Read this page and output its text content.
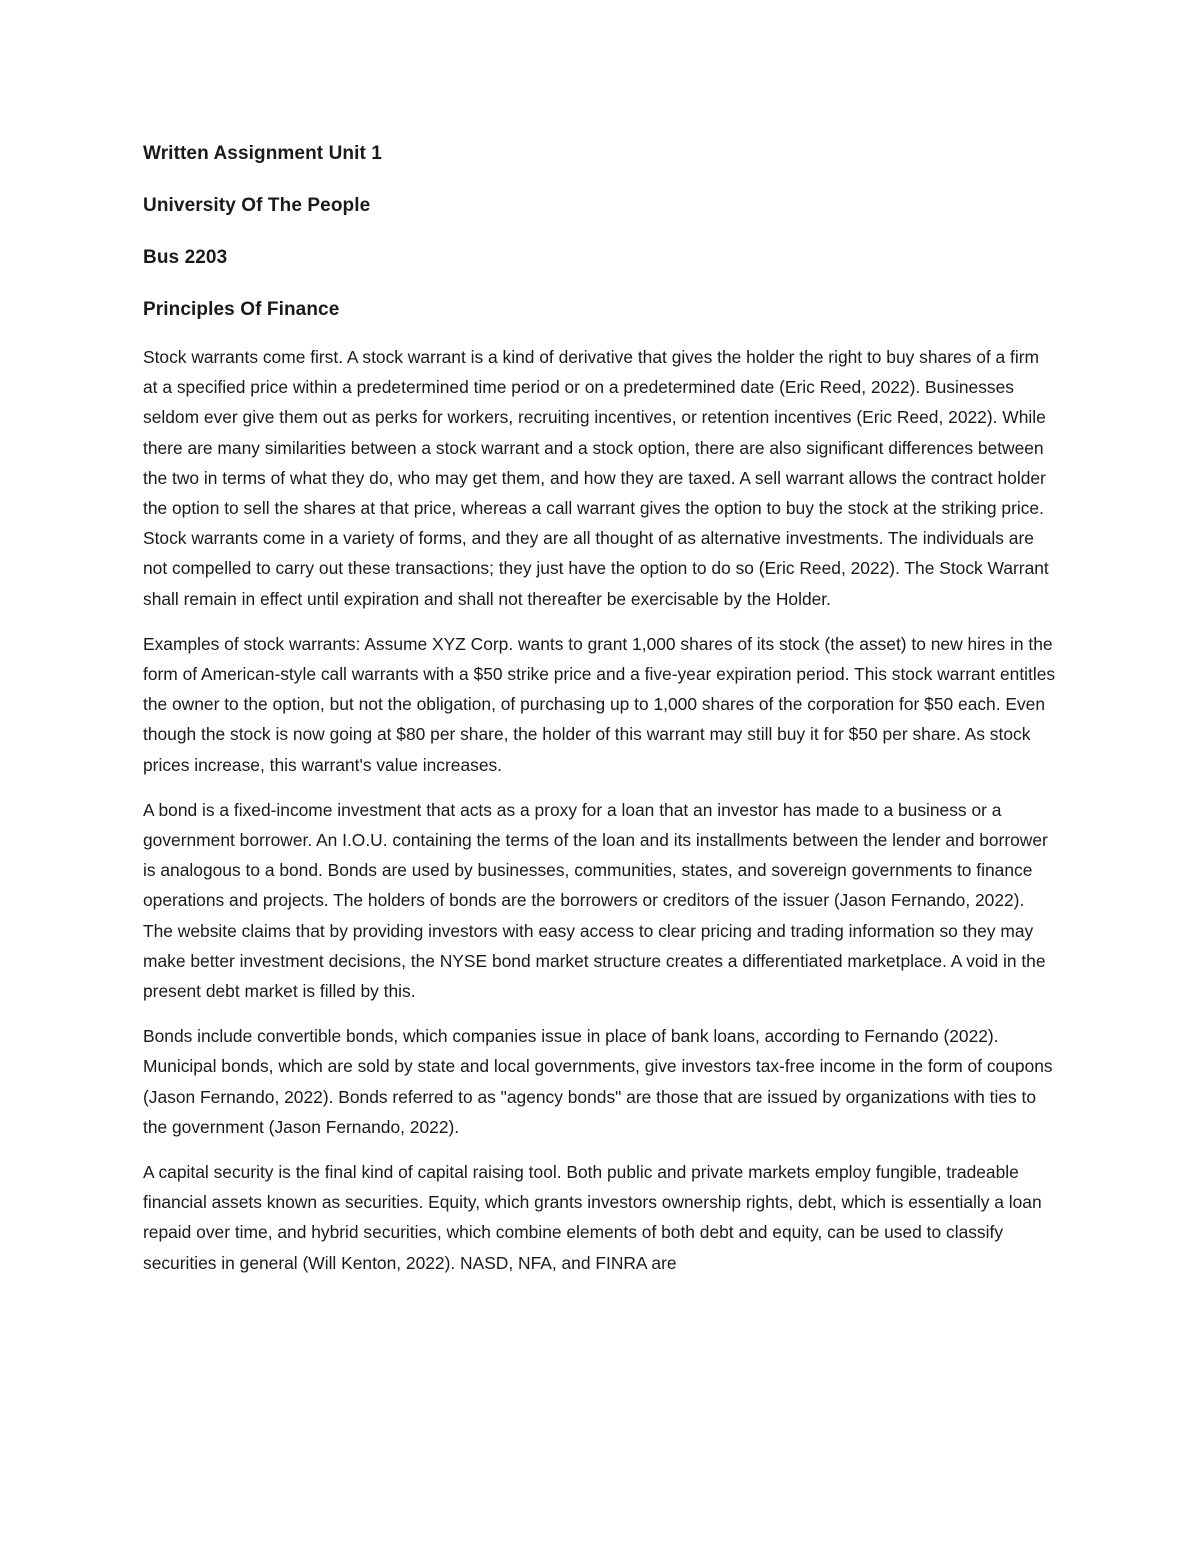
Written Assignment Unit 1
University Of The People
Bus 2203
Principles Of Finance

Stock warrants come first. A stock warrant is a kind of derivative that gives the holder the right to buy shares of a firm at a specified price within a predetermined time period or on a predetermined date (Eric Reed, 2022). Businesses seldom ever give them out as perks for workers, recruiting incentives, or retention incentives (Eric Reed, 2022). While there are many similarities between a stock warrant and a stock option, there are also significant differences between the two in terms of what they do, who may get them, and how they are taxed. A sell warrant allows the contract holder the option to sell the shares at that price, whereas a call warrant gives the option to buy the stock at the striking price. Stock warrants come in a variety of forms, and they are all thought of as alternative investments. The individuals are not compelled to carry out these transactions; they just have the option to do so (Eric Reed, 2022). The Stock Warrant shall remain in effect until expiration and shall not thereafter be exercisable by the Holder.

Examples of stock warrants: Assume XYZ Corp. wants to grant 1,000 shares of its stock (the asset) to new hires in the form of American-style call warrants with a $50 strike price and a five-year expiration period. This stock warrant entitles the owner to the option, but not the obligation, of purchasing up to 1,000 shares of the corporation for $50 each. Even though the stock is now going at $80 per share, the holder of this warrant may still buy it for $50 per share. As stock prices increase, this warrant's value increases.

A bond is a fixed-income investment that acts as a proxy for a loan that an investor has made to a business or a government borrower. An I.O.U. containing the terms of the loan and its installments between the lender and borrower is analogous to a bond. Bonds are used by businesses, communities, states, and sovereign governments to finance operations and projects. The holders of bonds are the borrowers or creditors of the issuer (Jason Fernando, 2022). The website claims that by providing investors with easy access to clear pricing and trading information so they may make better investment decisions, the NYSE bond market structure creates a differentiated marketplace. A void in the present debt market is filled by this.

Bonds include convertible bonds, which companies issue in place of bank loans, according to Fernando (2022). Municipal bonds, which are sold by state and local governments, give investors tax-free income in the form of coupons (Jason Fernando, 2022). Bonds referred to as "agency bonds" are those that are issued by organizations with ties to the government (Jason Fernando, 2022).

A capital security is the final kind of capital raising tool. Both public and private markets employ fungible, tradeable financial assets known as securities. Equity, which grants investors ownership rights, debt, which is essentially a loan repaid over time, and hybrid securities, which combine elements of both debt and equity, can be used to classify securities in general (Will Kenton, 2022). NASD, NFA, and FINRA are
